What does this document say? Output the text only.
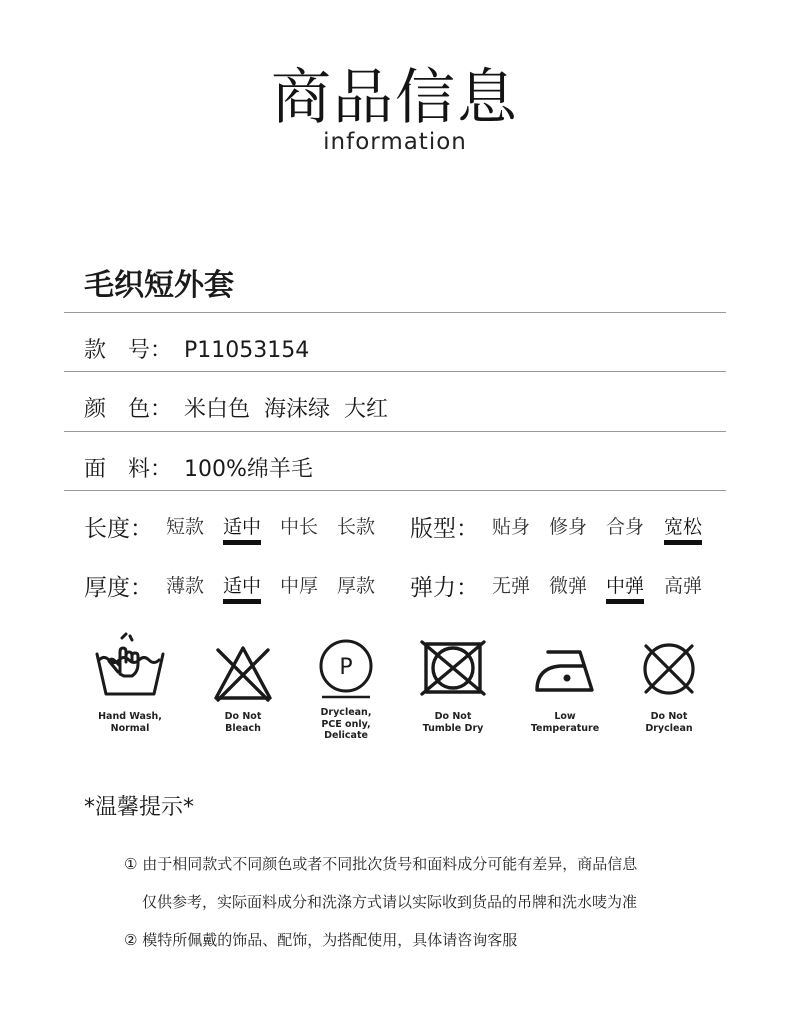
商品信息
information
毛织短外套
款 号： P11053154
颜 色： 米白色  海沫绿  大红
面 料： 100%绵羊毛
长度： 短款 适中 中长 长款 版型： 贴身 修身 合身 宽松
厚度： 薄款 适中 中厚 厚款 弹力： 无弹 微弹 中弹 高弹
Hand Wash,
Normal
Do Not
Bleach
P
Dryclean,
PCE only,
Delicate
Do Not
Tumble Dry
Low
Temperature
Do Not
Dryclean
*温馨提示*
① 由于相同款式不同颜色或者不同批次货号和面料成分可能有差异，商品信息
仅供参考，实际面料成分和洗涤方式请以实际收到货品的吊牌和洗水唛为准
② 模特所佩戴的饰品、配饰，为搭配使用，具体请咨询客服
